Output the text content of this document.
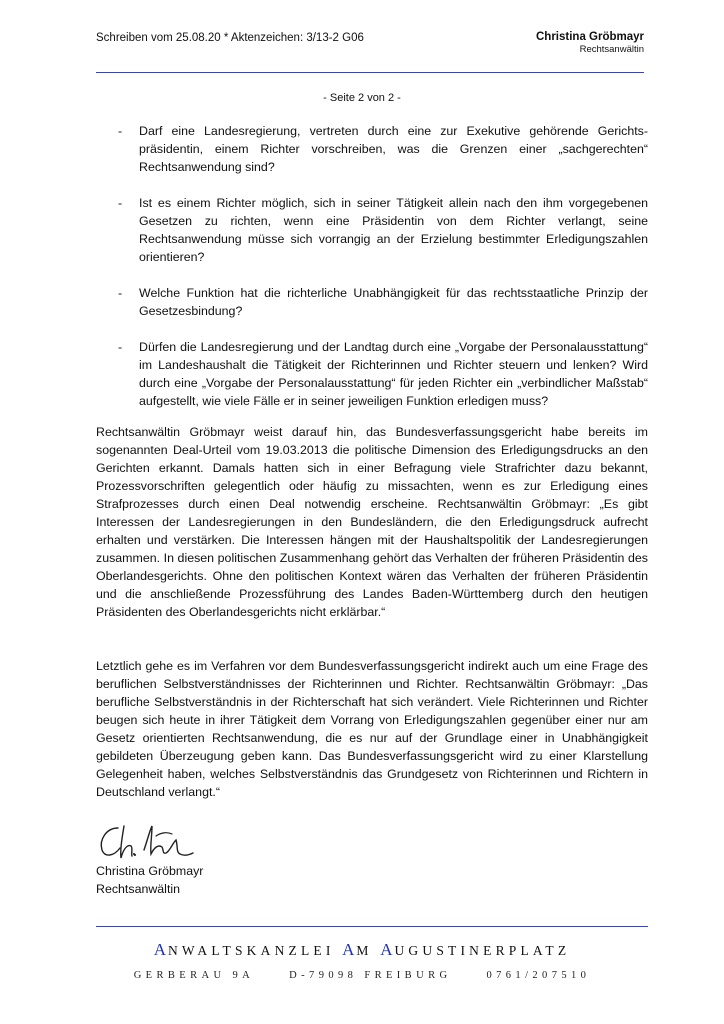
Schreiben vom 25.08.20 * Aktenzeichen: 3/13-2 G06	Christina Gröbmayr
Rechtsanwältin
- Seite 2 von 2 -
- Darf eine Landesregierung, vertreten durch eine zur Exekutive gehörende Gerichtspräsidentin, einem Richter vorschreiben, was die Grenzen einer „sachgerechten“ Rechtsanwendung sind?
- Ist es einem Richter möglich, sich in seiner Tätigkeit allein nach den ihm vorgegebenen Gesetzen zu richten, wenn eine Präsidentin von dem Richter verlangt, seine Rechtsanwendung müsse sich vorrangig an der Erzielung bestimmter Erledigungszahlen orientieren?
- Welche Funktion hat die richterliche Unabhängigkeit für das rechtsstaatliche Prinzip der Gesetzesbindung?
- Dürfen die Landesregierung und der Landtag durch eine „Vorgabe der Personalausstattung“ im Landeshaushalt die Tätigkeit der Richterinnen und Richter steuern und lenken? Wird durch eine „Vorgabe der Personalausstattung“ für jeden Richter ein „verbindlicher Maßstab“ aufgestellt, wie viele Fälle er in seiner jeweiligen Funktion erledigen muss?

Rechtsanwältin Gröbmayr weist darauf hin, das Bundesverfassungsgericht habe bereits im sogenannten Deal-Urteil vom 19.03.2013 die politische Dimension des Erledigungsdrucks an den Gerichten erkannt. Damals hatten sich in einer Befragung viele Strafrichter dazu bekannt, Prozessvorschriften gelegentlich oder häufig zu missachten, wenn es zur Erledigung eines Strafprozesses durch einen Deal notwendig erscheine. Rechtsanwältin Gröbmayr: „Es gibt Interessen der Landesregierungen in den Bundesländern, die den Erledigungsdruck aufrecht erhalten und verstärken. Die Interessen hängen mit der Haushaltspolitik der Landesregierungen zusammen. In diesen politischen Zusammenhang gehört das Verhalten der früheren Präsidentin des Oberlandesgerichts. Ohne den politischen Kontext wären das Verhalten der früheren Präsidentin und die anschließende Prozessführung des Landes Baden-Württemberg durch den heutigen Präsidenten des Oberlandesgerichts nicht erklärbar.“

Letztlich gehe es im Verfahren vor dem Bundesverfassungsgericht indirekt auch um eine Frage des beruflichen Selbstverständnisses der Richterinnen und Richter. Rechtsanwältin Gröbmayr: „Das berufliche Selbstverständnis in der Richterschaft hat sich verändert. Viele Richterinnen und Richter beugen sich heute in ihrer Tätigkeit dem Vorrang von Erledigungszahlen gegenüber einer nur am Gesetz orientierten Rechtsanwendung, die es nur auf der Grundlage einer in Unabhängigkeit gebildeten Überzeugung geben kann. Das Bundesverfassungsgericht wird zu einer Klarstellung Gelegenheit haben, welches Selbstverständnis das Grundgesetz von Richterinnen und Richtern in Deutschland verlangt.“

Christina Gröbmayr
Rechtsanwältin
ANWALTSKANZLEI AM AUGUSTINERPLATZ
GERBERAU 9A	D-79098 FREIBURG	0761/207510
